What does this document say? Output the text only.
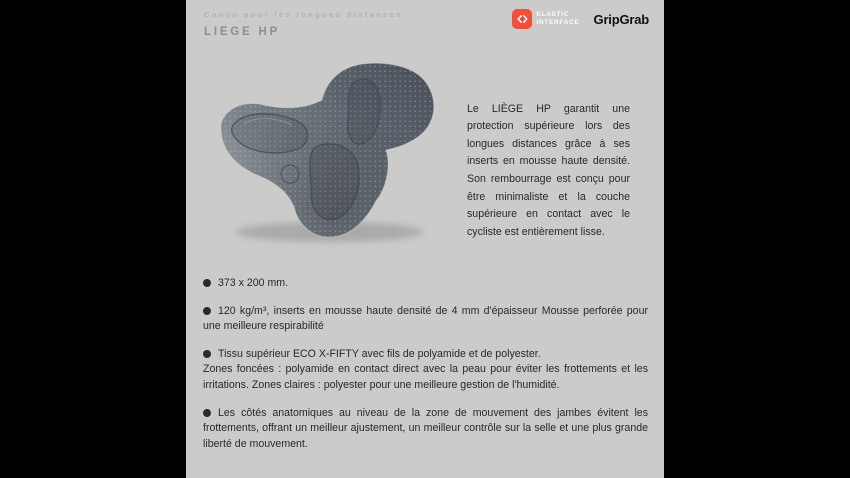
Conçu pour les longues distances
LIEGE HP
ELASTIC
INTERFACE GripGrab

Le LIÈGE HP garantit une protection supérieure lors des longues distances grâce à ses inserts en mousse haute densité. Son rembourrage est conçu pour être minimaliste et la couche supérieure en contact avec le cycliste est entièrement lisse.

373 x 200 mm.
120 kg/m³, inserts en mousse haute densité de 4 mm d'épaisseur Mousse perforée pour une meilleure respirabilité
Tissu supérieur ECO X-FIFTY avec fils de polyamide et de polyester.
Zones foncées : polyamide en contact direct avec la peau pour éviter les frottements et les irritations. Zones claires : polyester pour une meilleure gestion de l'humidité.
Les côtés anatomiques au niveau de la zone de mouvement des jambes évitent les frottements, offrant un meilleur ajustement, un meilleur contrôle sur la selle et une plus grande liberté de mouvement.
